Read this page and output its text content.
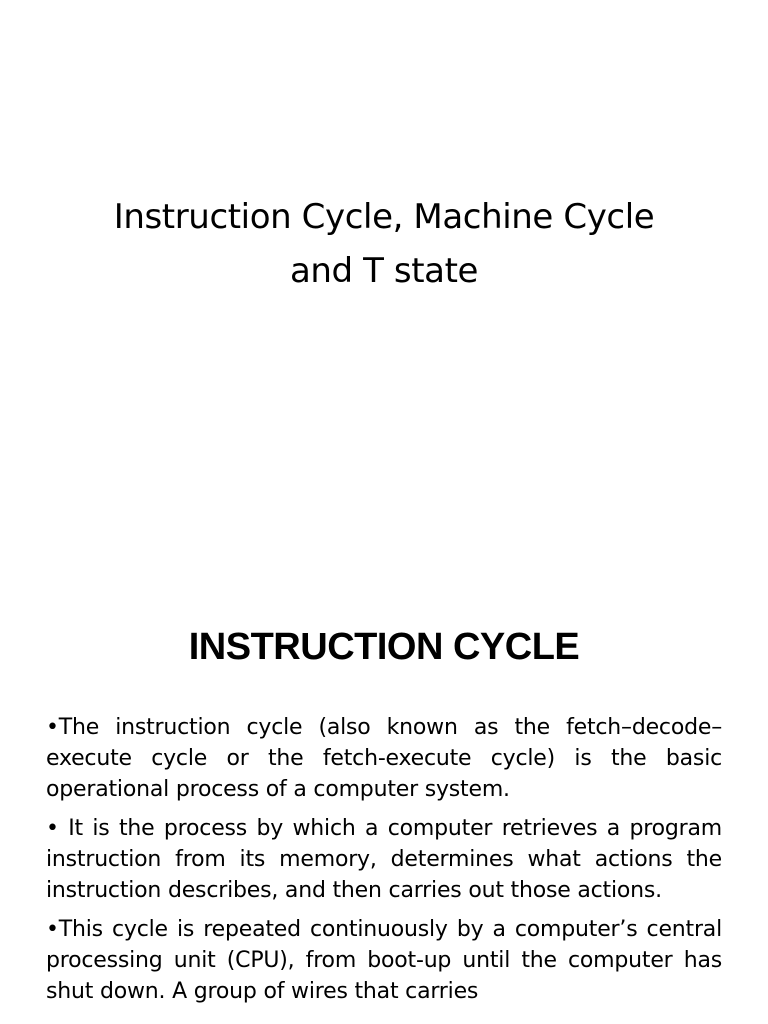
Instruction Cycle, Machine Cycle
and T state
INSTRUCTION CYCLE
•The instruction cycle (also known as the fetch–decode–execute cycle or the fetch-execute cycle) is the basic operational process of a computer system.
• It is the process by which a computer retrieves a program instruction from its memory, determines what actions the instruction describes, and then carries out those actions.
•This cycle is repeated continuously by a computer’s central processing unit (CPU), from boot-up until the computer has shut down. A group of wires that carries
